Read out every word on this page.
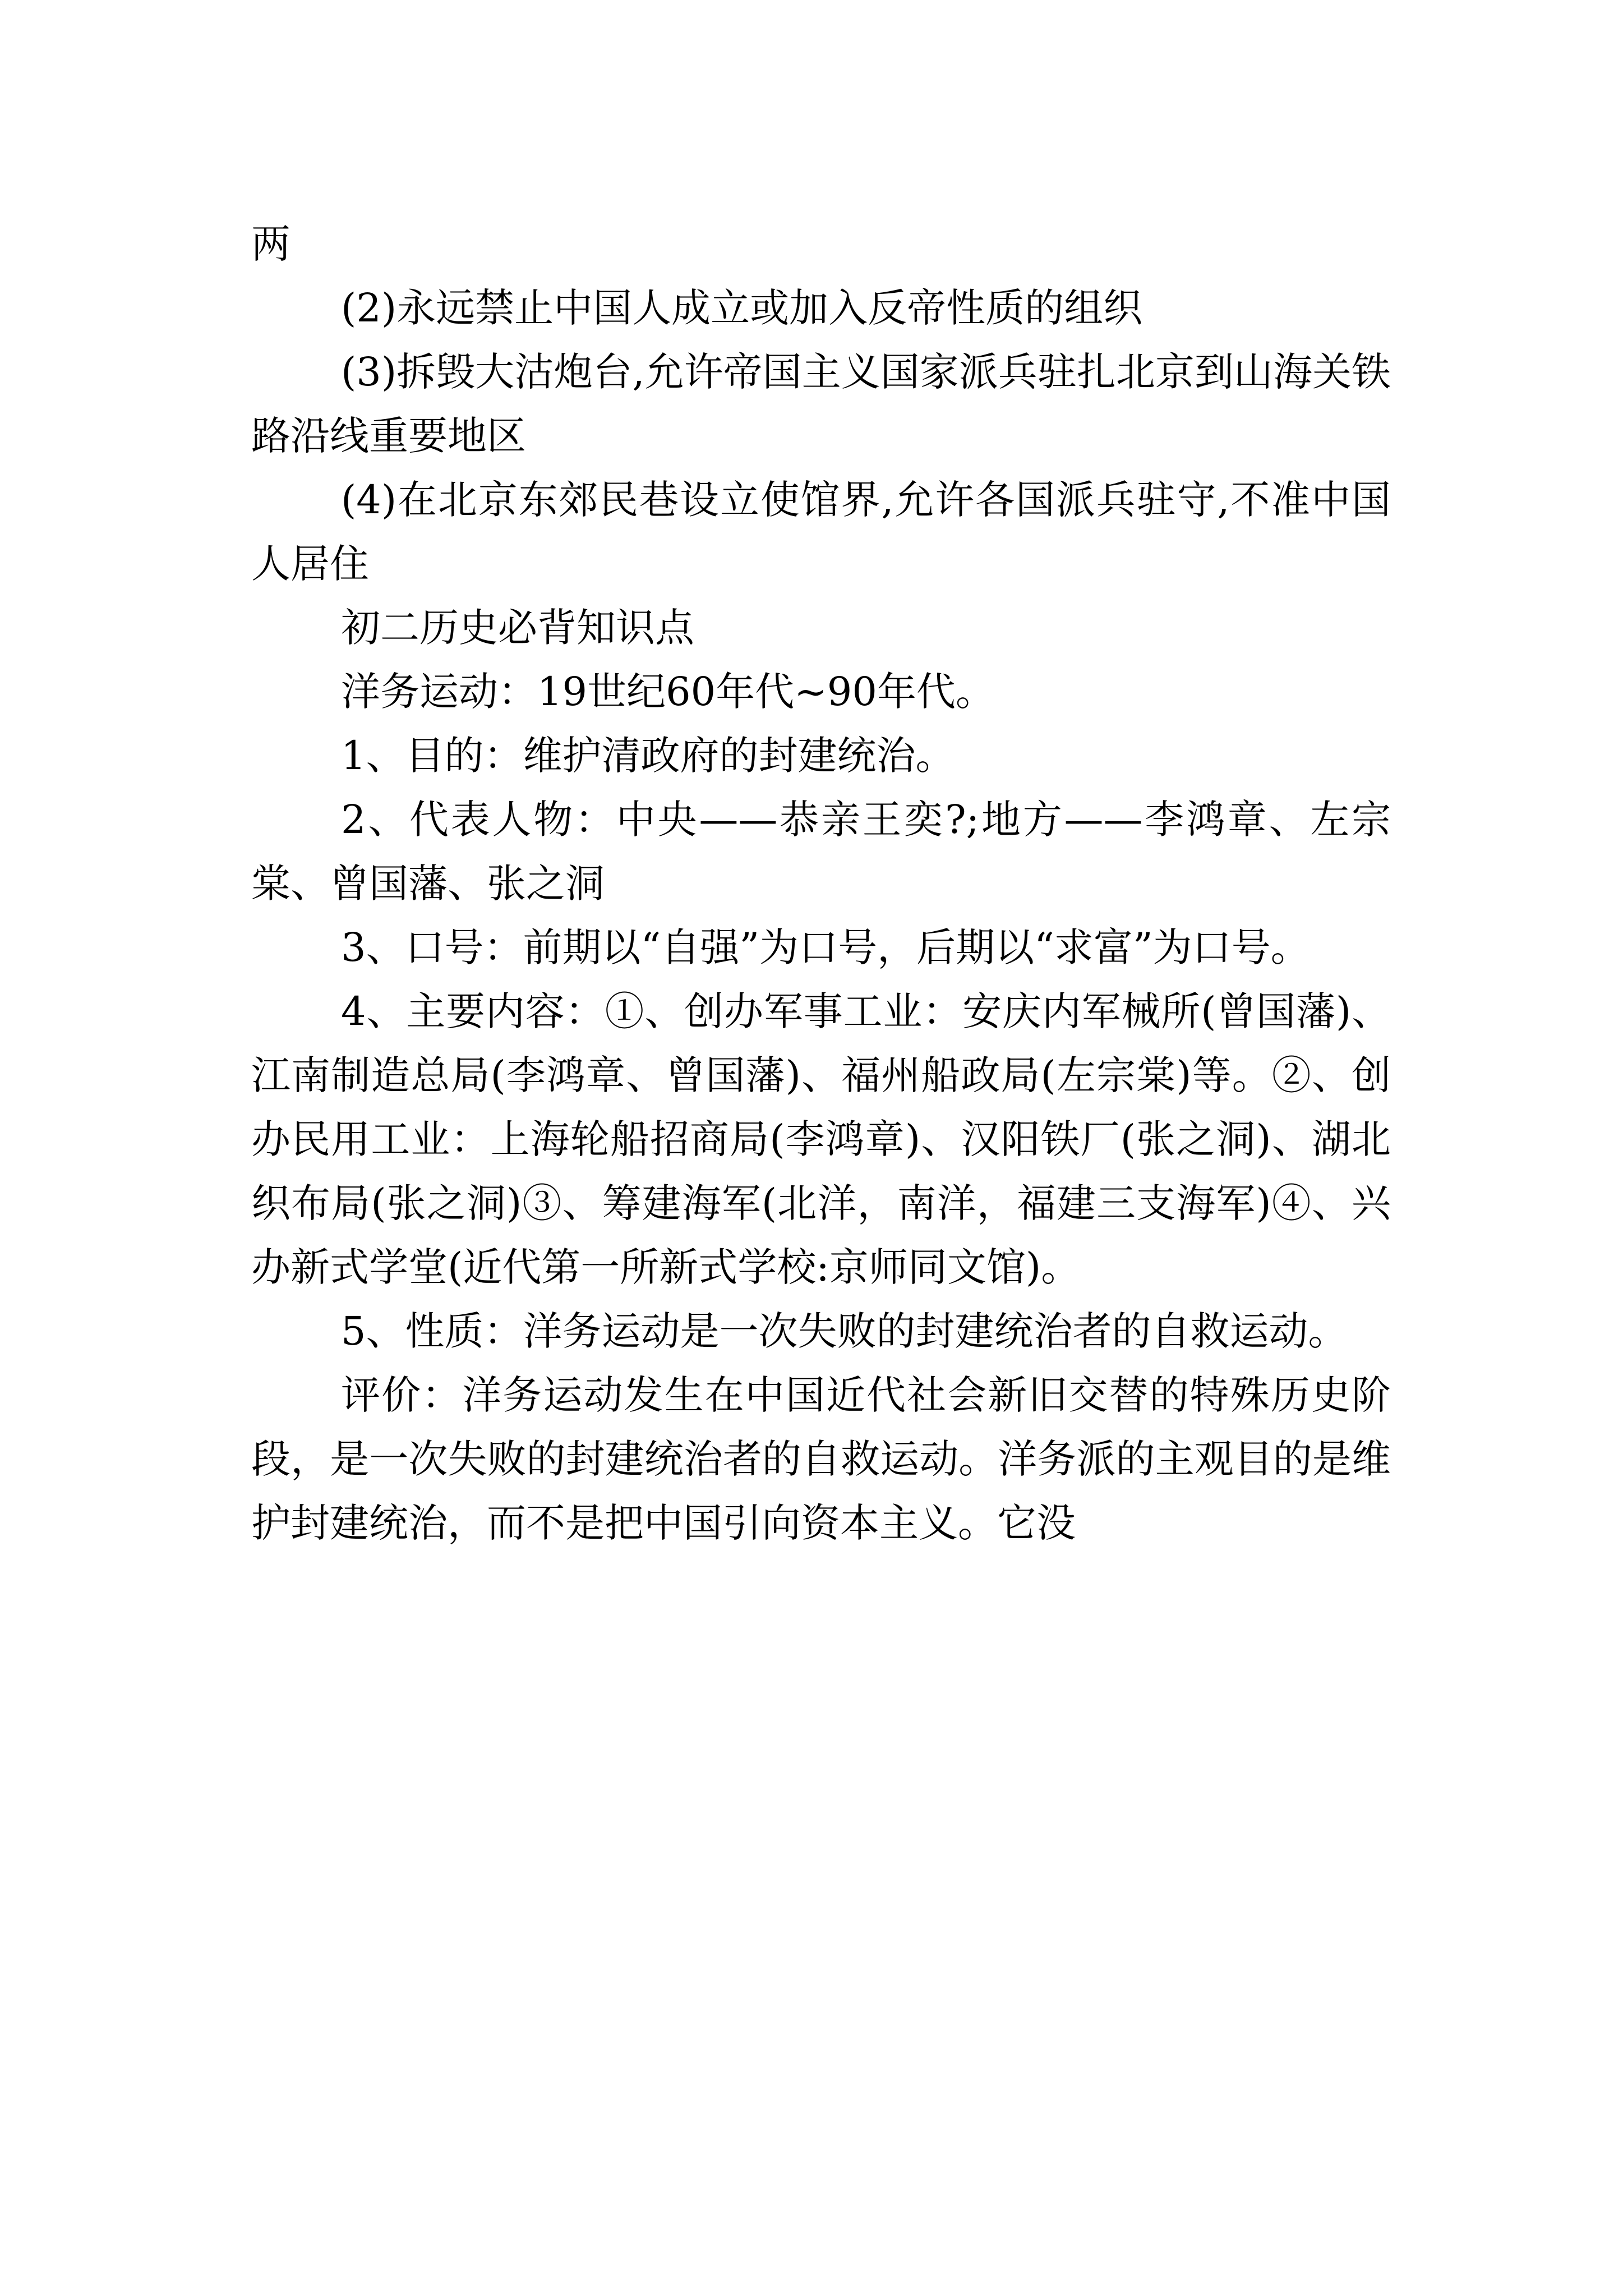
两

(2)永远禁止中国人成立或加入反帝性质的组织

(3)拆毁大沽炮台,允许帝国主义国家派兵驻扎北京到山海关铁路沿线重要地区

(4)在北京东郊民巷设立使馆界,允许各国派兵驻守,不准中国人居住

初二历史必背知识点

洋务运动：19世纪60年代~90年代。

1、目的：维护清政府的封建统治。

2、代表人物：中央——恭亲王奕?;地方——李鸿章、左宗棠、曾国藩、张之洞

3、口号：前期以“自强”为口号，后期以“求富”为口号。

4、主要内容：①、创办军事工业：安庆内军械所(曾国藩)、江南制造总局(李鸿章、曾国藩)、福州船政局(左宗棠)等。②、创办民用工业：上海轮船招商局(李鸿章)、汉阳铁厂(张之洞)、湖北织布局(张之洞)③、筹建海军(北洋，南洋，福建三支海军)④、兴办新式学堂(近代第一所新式学校:京师同文馆)。

5、性质：洋务运动是一次失败的封建统治者的自救运动。

评价：洋务运动发生在中国近代社会新旧交替的特殊历史阶段，是一次失败的封建统治者的自救运动。洋务派的主观目的是维护封建统治，而不是把中国引向资本主义。它没
